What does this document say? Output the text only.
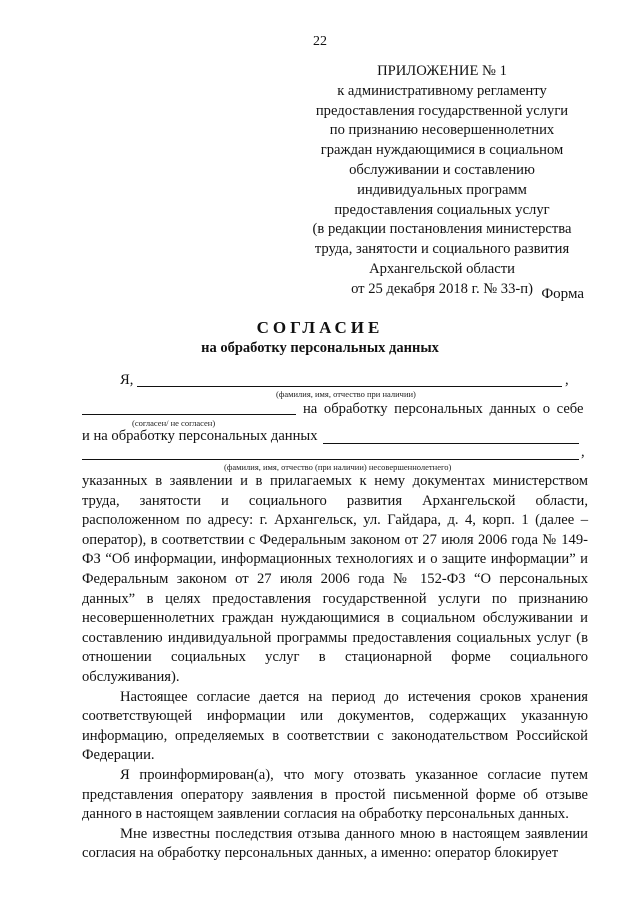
22
ПРИЛОЖЕНИЕ № 1
к административному регламенту
предоставления государственной услуги
по признанию несовершеннолетних
граждан нуждающимися в социальном
обслуживании и составлению
индивидуальных программ
предоставления социальных услуг
(в редакции постановления министерства
труда, занятости и социального развития
Архангельской области
от 25 декабря 2018 г. № 33-п) Форма
СОГЛАСИЕ
на обработку персональных данных
Я,	,
(фамилия, имя, отчество при наличии)
на обработку персональных данных о себе
(согласен/ не согласен)
и на обработку персональных данных
,
(фамилия, имя, отчество (при наличии) несовершеннолетнего)

указанных в заявлении и в прилагаемых к нему документах министерством труда, занятости и социального развития Архангельской области, расположенном по адресу: г. Архангельск, ул. Гайдара, д. 4, корп. 1 (далее – оператор), в соответствии с Федеральным законом от 27 июля 2006 года № 149-ФЗ “Об информации, информационных технологиях и о защите информации” и Федеральным законом от 27 июля 2006 года № 152-ФЗ “О персональных данных” в целях предоставления государственной услуги по признанию несовершеннолетних граждан нуждающимися в социальном обслуживании и составлению индивидуальной программы предоставления социальных услуг (в отношении социальных услуг в стационарной форме социального обслуживания).

Настоящее согласие дается на период до истечения сроков хранения соответствующей информации или документов, содержащих указанную информацию, определяемых в соответствии с законодательством Российской Федерации.

Я проинформирован(а), что могу отозвать указанное согласие путем представления оператору заявления в простой письменной форме об отзыве данного в настоящем заявлении согласия на обработку персональных данных.

Мне известны последствия отзыва данного мною в настоящем заявлении согласия на обработку персональных данных, а именно: оператор блокирует
